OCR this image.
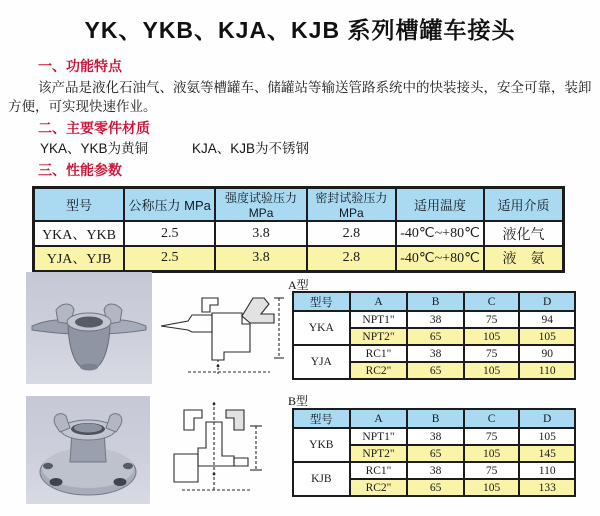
YK、YKB、KJA、KJB 系列槽罐车接头
一、功能特点
该产品是液化石油气、液氨等槽罐车、储罐站等输送管路系统中的快装接头，安全可靠，装卸方便，可实现快速作业。
二、主要零件材质
YKA、YKB为黄铜	KJA、KJB为不锈钢
三、性能参数
型号	公称压力 MPa	强度试验压力MPa	密封试验压力MPa	适用温度	适用介质
YKA、YKB	2.5	3.8	2.8	-40℃~+80℃	液化气
YJA、YJB	2.5	3.8	2.8	-40℃~+80℃	液　氨
A型
型号	A	B	C	D
YKA	NPT1"	38	75	94
	NPT2"	65	105	105
YJA	RC1"	38	75	90
	RC2"	65	105	110
B型
型号	A	B	C	D
YKB	NPT1"	38	75	105
	NPT2"	65	105	145
KJB	RC1"	38	75	110
	RC2"	65	105	133
